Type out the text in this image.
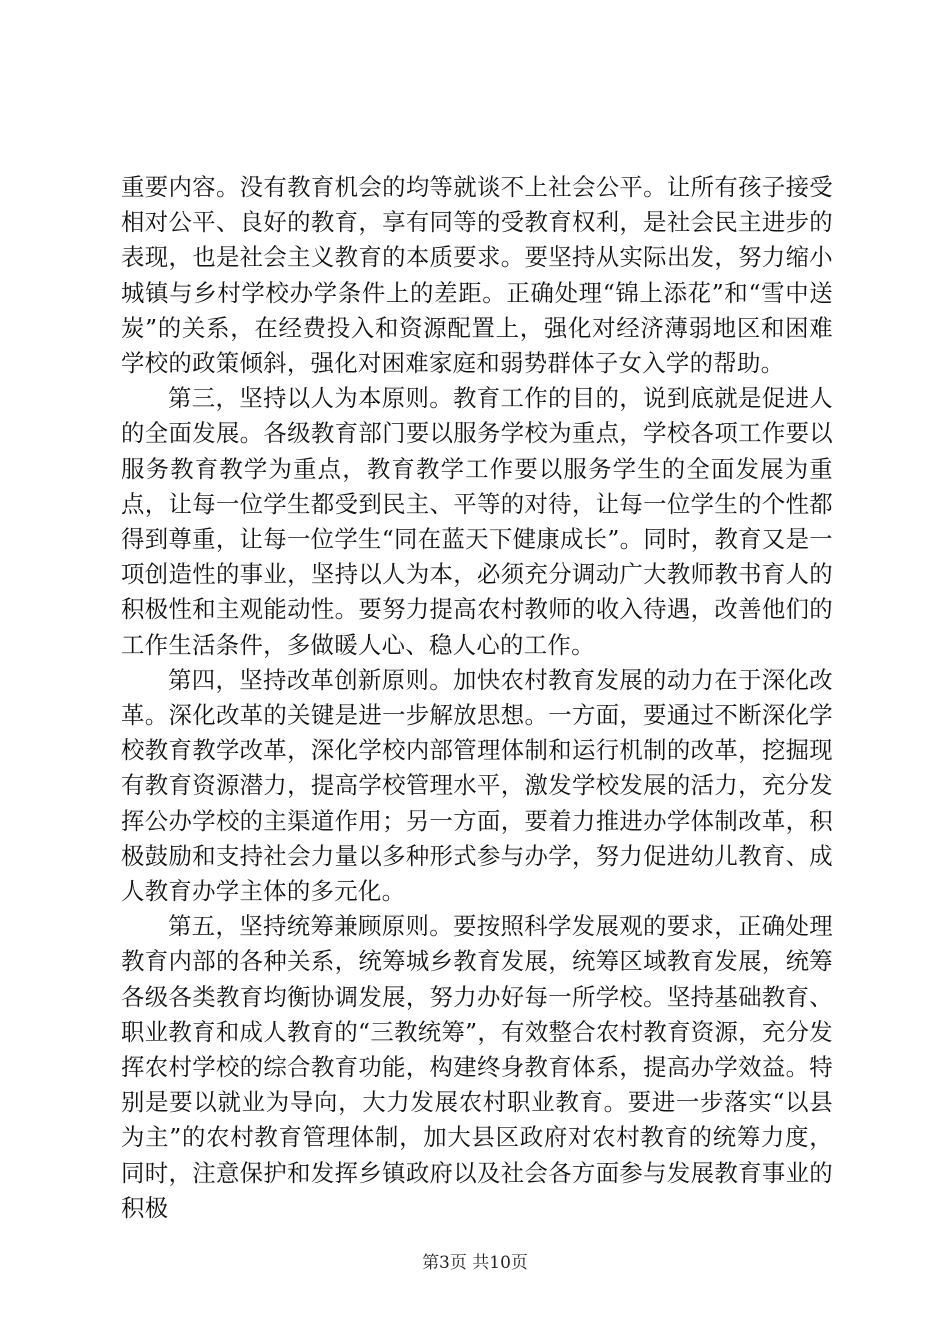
重要内容。没有教育机会的均等就谈不上社会公平。让所有孩子接受相对公平、良好的教育，享有同等的受教育权利，是社会民主进步的表现，也是社会主义教育的本质要求。要坚持从实际出发，努力缩小城镇与乡村学校办学条件上的差距。正确处理“锦上添花”和“雪中送炭”的关系，在经费投入和资源配置上，强化对经济薄弱地区和困难学校的政策倾斜，强化对困难家庭和弱势群体子女入学的帮助。

第三，坚持以人为本原则。教育工作的目的，说到底就是促进人的全面发展。各级教育部门要以服务学校为重点，学校各项工作要以服务教育教学为重点，教育教学工作要以服务学生的全面发展为重点，让每一位学生都受到民主、平等的对待，让每一位学生的个性都得到尊重，让每一位学生“同在蓝天下健康成长”。同时，教育又是一项创造性的事业，坚持以人为本，必须充分调动广大教师教书育人的积极性和主观能动性。要努力提高农村教师的收入待遇，改善他们的工作生活条件，多做暖人心、稳人心的工作。

第四，坚持改革创新原则。加快农村教育发展的动力在于深化改革。深化改革的关键是进一步解放思想。一方面，要通过不断深化学校教育教学改革，深化学校内部管理体制和运行机制的改革，挖掘现有教育资源潜力，提高学校管理水平，激发学校发展的活力，充分发挥公办学校的主渠道作用；另一方面，要着力推进办学体制改革，积极鼓励和支持社会力量以多种形式参与办学，努力促进幼儿教育、成人教育办学主体的多元化。

第五，坚持统筹兼顾原则。要按照科学发展观的要求，正确处理教育内部的各种关系，统筹城乡教育发展，统筹区域教育发展，统筹各级各类教育均衡协调发展，努力办好每一所学校。坚持基础教育、职业教育和成人教育的“三教统筹”，有效整合农村教育资源，充分发挥农村学校的综合教育功能，构建终身教育体系，提高办学效益。特别是要以就业为导向，大力发展农村职业教育。要进一步落实“以县为主”的农村教育管理体制，加大县区政府对农村教育的统筹力度，同时，注意保护和发挥乡镇政府以及社会各方面参与发展教育事业的积极

第3页 共10页
